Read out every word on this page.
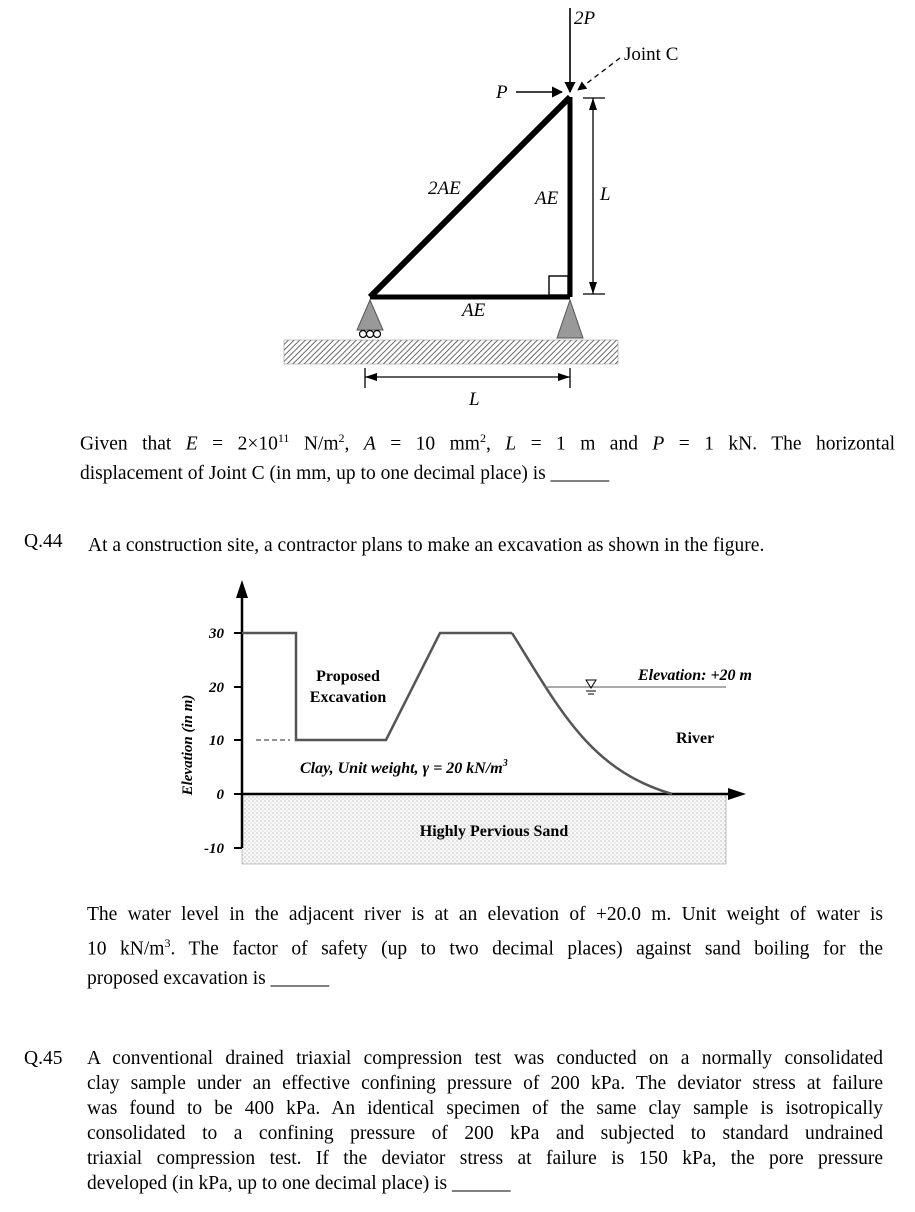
2P
P
Joint C
2AE	AE
AE
L
L
Given that $E = 2\times 10^{11}$ $N/m^2$, A = 10 $mm^2$, L = 1 m and P = 1 kN. The horizontal
displacement of Joint C (in mm, up to one decimal place) is ______
Q.44 At a construction site, a contractor plans to make an excavation as shown in the figure.
30
20
10
0
-10
Elevation (in m)
Proposed
Excavation
Clay, Unit weight, γ = 20 $kN/m^3$
Elevation: +20 m
River
Highly Pervious Sand
The water level in the adjacent river is at an elevation of +20.0 m. Unit weight of water is
10 $kN/m^3$. The factor of safety (up to two decimal places) against sand boiling for the
proposed excavation is ______
Q.45 A conventional drained triaxial compression test was conducted on a normally consolidated
clay sample under an effective confining pressure of 200 kPa. The deviator stress at failure
was found to be 400 kPa. An identical specimen of the same clay sample is isotropically
consolidated to a confining pressure of 200 kPa and subjected to standard undrained
triaxial compression test. If the deviator stress at failure is 150 kPa, the pore pressure
developed (in kPa, up to one decimal place) is ______
